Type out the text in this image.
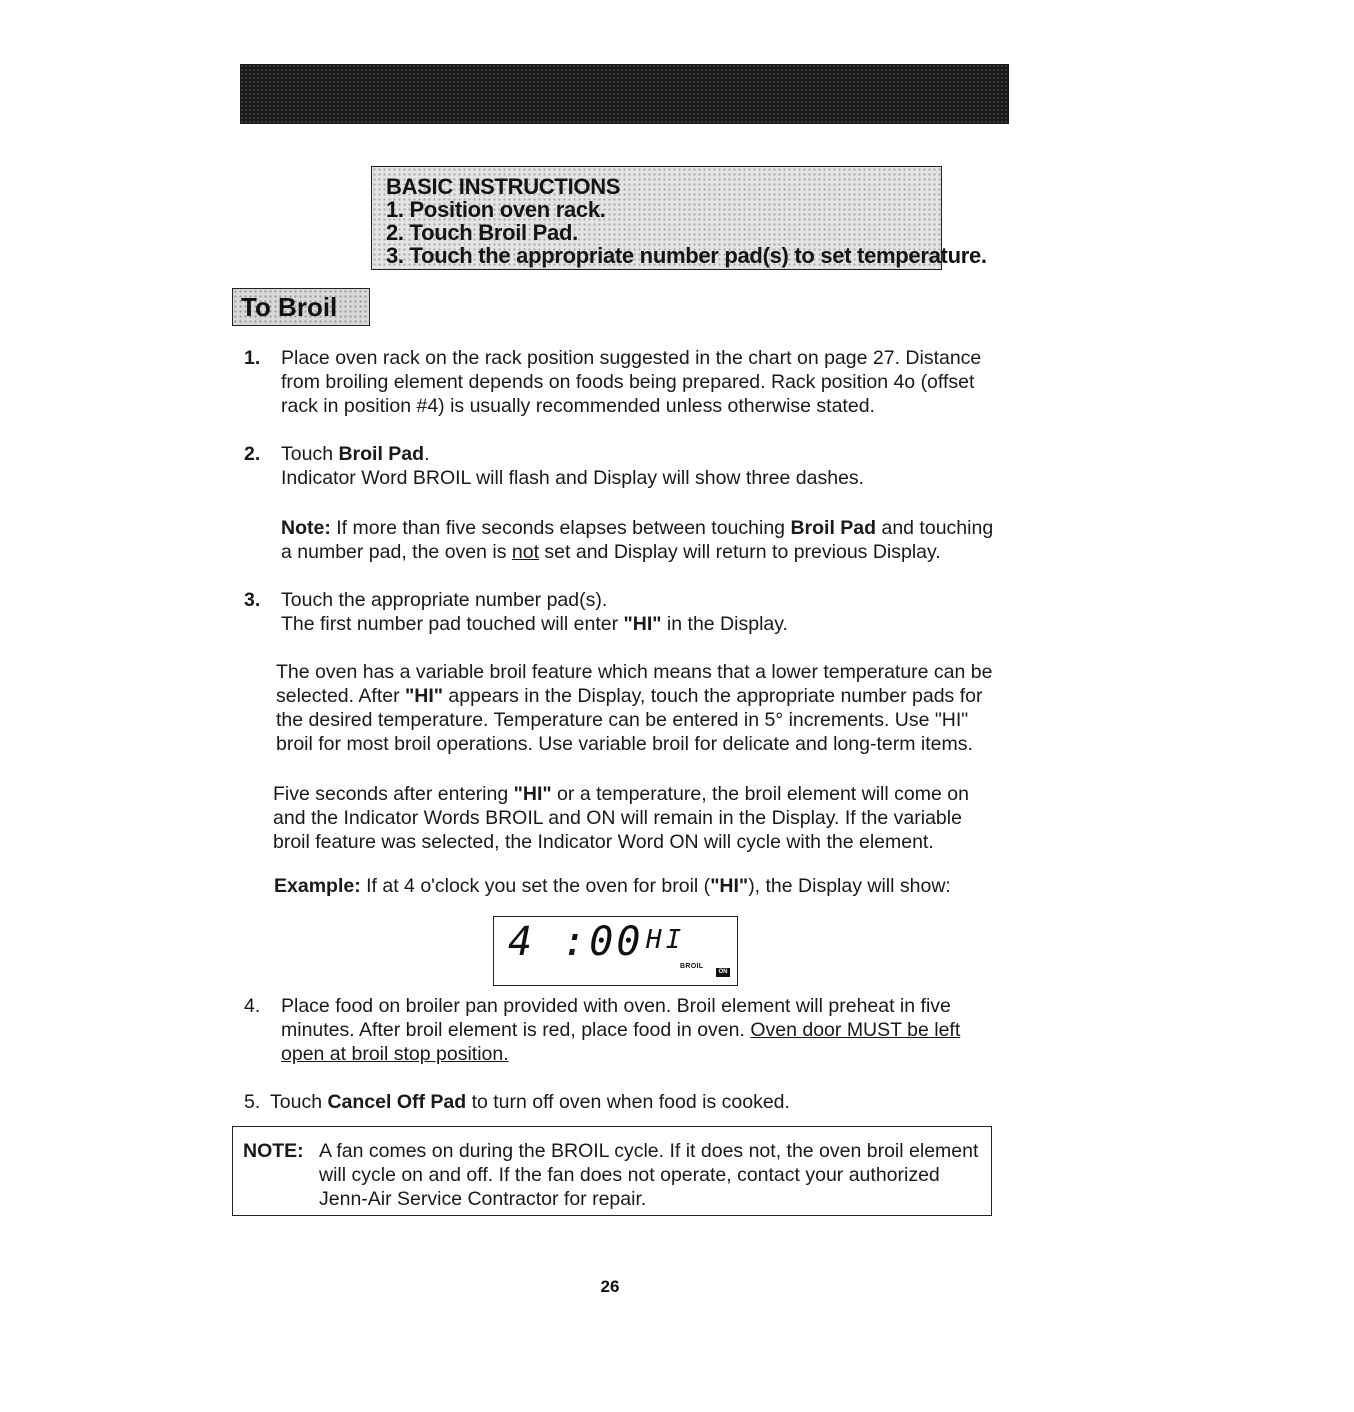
BASIC INSTRUCTIONS
1. Position oven rack.
2. Touch Broil Pad.
3. Touch the appropriate number pad(s) to set temperature.
To Broil
1. Place oven rack on the rack position suggested in the chart on page 27. Distance from broiling element depends on foods being prepared. Rack position 4o (offset rack in position #4) is usually recommended unless otherwise stated.
2. Touch Broil Pad.
Indicator Word BROIL will flash and Display will show three dashes.
Note: If more than five seconds elapses between touching Broil Pad and touching a number pad, the oven is not set and Display will return to previous Display.
3. Touch the appropriate number pad(s).
The first number pad touched will enter "HI" in the Display.
The oven has a variable broil feature which means that a lower temperature can be selected. After "HI" appears in the Display, touch the appropriate number pads for the desired temperature. Temperature can be entered in 5° increments. Use "HI" broil for most broil operations. Use variable broil for delicate and long-term items.
Five seconds after entering "HI" or a temperature, the broil element will come on and the Indicator Words BROIL and ON will remain in the Display. If the variable broil feature was selected, the Indicator Word ON will cycle with the element.
Example: If at 4 o'clock you set the oven for broil ("HI"), the Display will show:
4 :00 HI
BROIL
ON
4. Place food on broiler pan provided with oven. Broil element will preheat in five minutes. After broil element is red, place food in oven. Oven door MUST be left open at broil stop position.
5. Touch Cancel Off Pad to turn off oven when food is cooked.
NOTE: A fan comes on during the BROIL cycle. If it does not, the oven broil element will cycle on and off. If the fan does not operate, contact your authorized Jenn-Air Service Contractor for repair.
26
